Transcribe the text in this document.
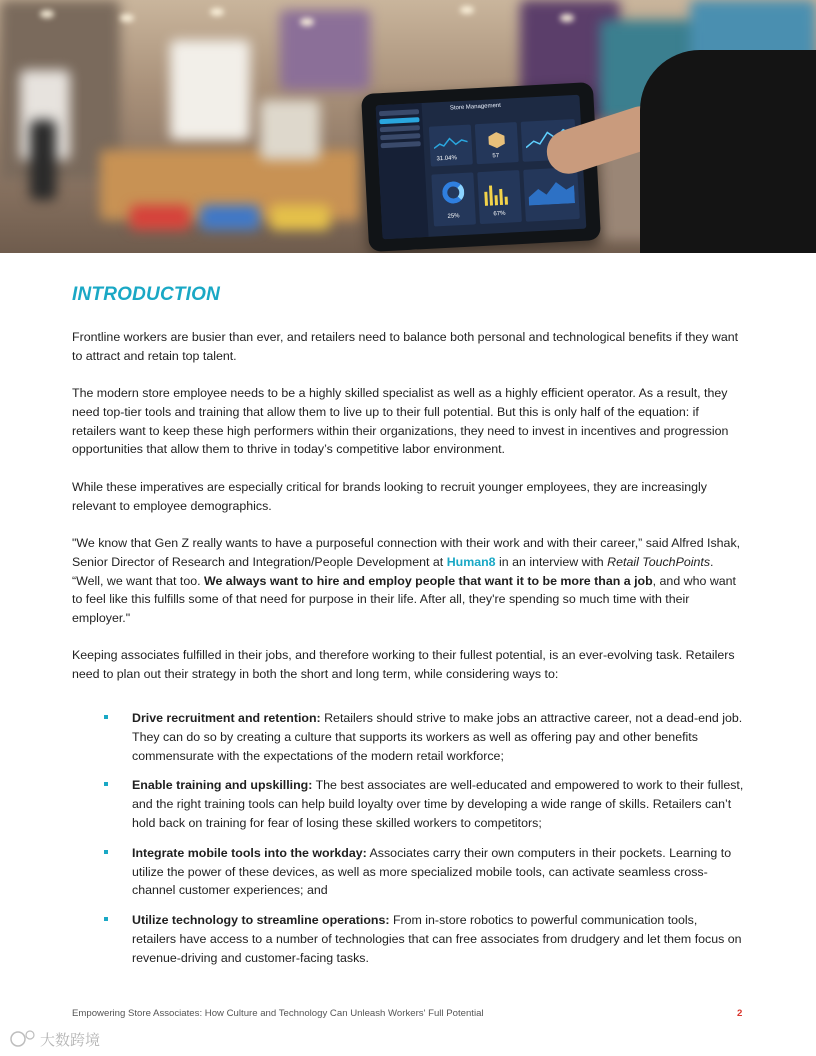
Store Management
31.04%	57
25%	67%
INTRODUCTION

Frontline workers are busier than ever, and retailers need to balance both personal and technological benefits if they want to attract and retain top talent.

The modern store employee needs to be a highly skilled specialist as well as a highly efficient operator. As a result, they need top-tier tools and training that allow them to live up to their full potential. But this is only half of the equation: if retailers want to keep these high performers within their organizations, they need to invest in incentives and progression opportunities that allow them to thrive in today’s competitive labor environment.

While these imperatives are especially critical for brands looking to recruit younger employees, they are increasingly relevant to employee demographics.

"We know that Gen Z really wants to have a purposeful connection with their work and with their career,” said Alfred Ishak, Senior Director of Research and Integration/People Development at Human8 in an interview with Retail TouchPoints. “Well, we want that too. We always want to hire and employ people that want it to be more than a job, and who want to feel like this fulfills some of that need for purpose in their life. After all, they're spending so much time with their employer."

Keeping associates fulfilled in their jobs, and therefore working to their fullest potential, is an ever-evolving task. Retailers need to plan out their strategy in both the short and long term, while considering ways to:

Drive recruitment and retention: Retailers should strive to make jobs an attractive career, not a dead-end job. They can do so by creating a culture that supports its workers as well as offering pay and other benefits commensurate with the expectations of the modern retail workforce;
Enable training and upskilling: The best associates are well-educated and empowered to work to their fullest, and the right training tools can help build loyalty over time by developing a wide range of skills. Retailers can’t hold back on training for fear of losing these skilled workers to competitors;
Integrate mobile tools into the workday: Associates carry their own computers in their pockets. Learning to utilize the power of these devices, as well as more specialized mobile tools, can activate seamless cross-channel customer experiences; and
Utilize technology to streamline operations: From in-store robotics to powerful communication tools, retailers have access to a number of technologies that can free associates from drudgery and let them focus on revenue-driving and customer-facing tasks.
Empowering Store Associates: How Culture and Technology Can Unleash Workers' Full Potential	2
大数跨境
